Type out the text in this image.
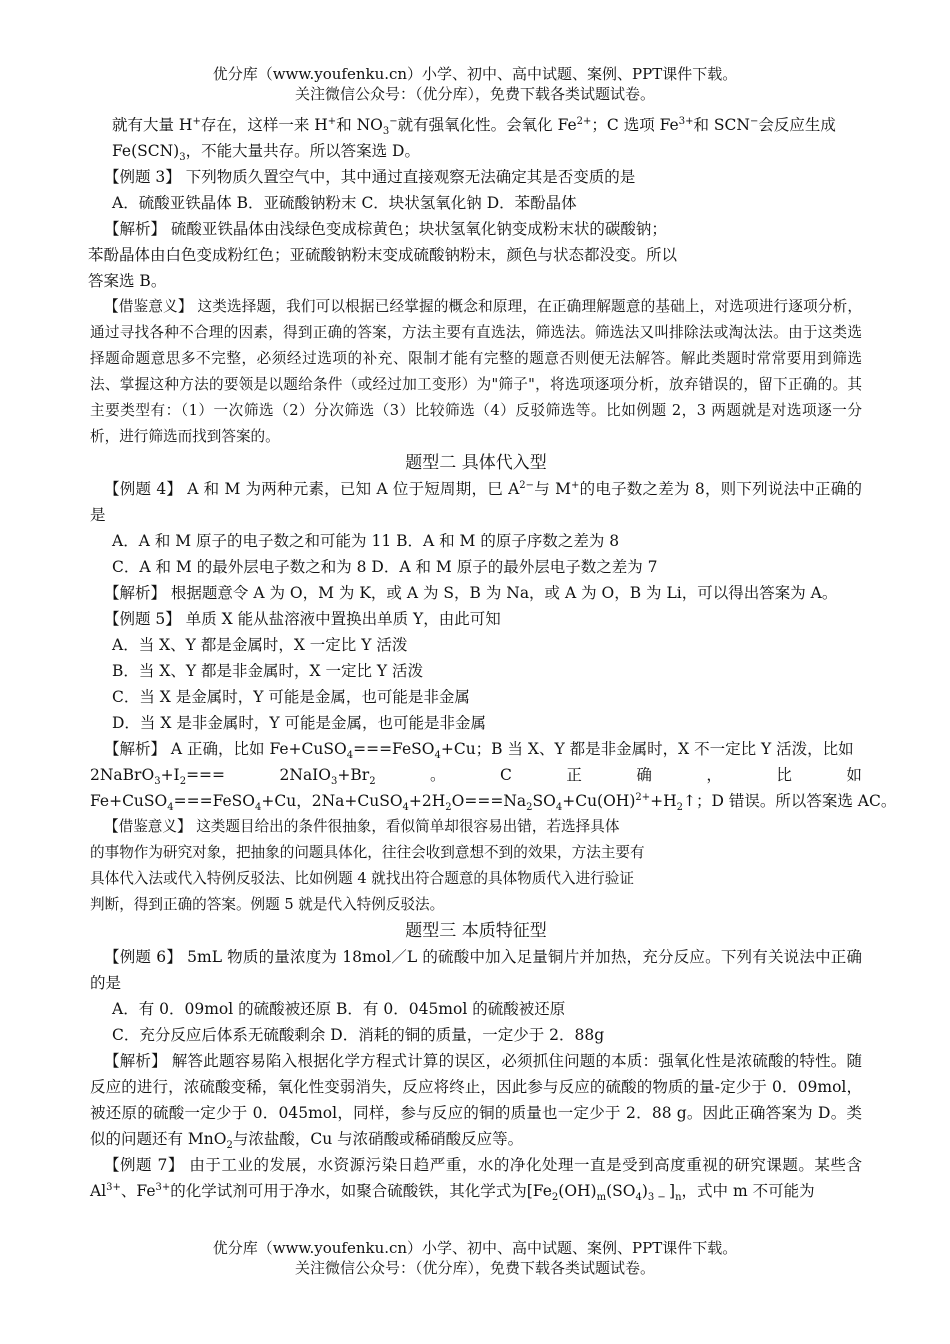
优分库（www.youfenku.cn）小学、初中、高中试题、案例、PPT课件下载。
关注微信公众号：（优分库），免费下载各类试题试卷。
就有大量 H+存在，这样一来 H+和 $NO_3^-$就有强氧化性。会氧化 $Fe^{2+}$；C 选项 $Fe^{3+}$和 SCN−会反应生成
$Fe(SCN)_3$，不能大量共存。所以答案选 D。
【例题 3】 下列物质久置空气中，其中通过直接观察无法确定其是否变质的是
A．硫酸亚铁晶体 B．亚硫酸钠粉末 C．块状氢氧化钠 D．苯酚晶体
【解析】 硫酸亚铁晶体由浅绿色变成棕黄色；块状氢氧化钠变成粉末状的碳酸钠；
苯酚晶体由白色变成粉红色；亚硫酸钠粉末变成硫酸钠粉末，颜色与状态都没变。所以
答案选 B。
【借鉴意义】 这类选择题，我们可以根据已经掌握的概念和原理，在正确理解题意的基础上，对选项进行逐项分析，通过寻找各种不合理的因素，得到正确的答案，方法主要有直选法，筛选法。筛选法又叫排除法或淘汰法。由于这类选择题命题意思多不完整，必须经过选项的补充、限制才能有完整的题意否则便无法解答。解此类题时常常要用到筛选法、掌握这种方法的要领是以题给条件（或经过加工变形）为"筛子"，将选项逐项分析，放弃错误的，留下正确的。其主要类型有：（1）一次筛选（2）分次筛选（3）比较筛选（4）反驳筛选等。比如例题 2，3 两题就是对选项逐一分析，进行筛选而找到答案的。
题型二 具体代入型
【例题 4】 A 和 M 为两种元素，已知 A 位于短周期，巳 $A^{2-}$与 M+的电子数之差为 8，则下列说法中正确的是
A．A 和 M 原子的电子数之和可能为 11 B．A 和 M 的原子序数之差为 8
C．A 和 M 的最外层电子数之和为 8 D．A 和 M 原子的最外层电子数之差为 7
【解析】 根据题意令 A 为 O，M 为 K，或 A 为 S，B 为 Na，或 A 为 O，B 为 Li，可以得出答案为 A。
【例题 5】 单质 X 能从盐溶液中置换出单质 Y，由此可知
A．当 X、Y 都是金属时，X 一定比 Y 活泼
B．当 X、Y 都是非金属时，X 一定比 Y 活泼
C．当 X 是金属时，Y 可能是金属，也可能是非金属
D．当 X 是非金属时，Y 可能是金属，也可能是非金属
【解析】 A 正确，比如 Fe+CuSO$_4$===FeSO$_4$+Cu；B 当 X、Y 都是非金属时，X 不一定比 Y 活泼，比如
$2NaBrO_3+I_2===$	$2NaIO_3+Br_2$	。	C	正	确	，	比	如
Fe+CuSO$_4$===FeSO$_4$+Cu，$2Na+CuSO_4+2H_2O===Na_2SO_4+Cu(OH)^{2+}+H_2↑$；D 错误。所以答案选 AC。
【借鉴意义】 这类题目给出的条件很抽象，看似简单却很容易出错，若选择具体
的事物作为研究对象，把抽象的问题具体化，往往会收到意想不到的效果，方法主要有
具体代入法或代入特例反驳法、比如例题 4 就找出符合题意的具体物质代入进行验证
判断，得到正确的答案。例题 5 就是代入特例反驳法。
题型三 本质特征型
【例题 6】 5mL 物质的量浓度为 18mol／L 的硫酸中加入足量铜片并加热，充分反应。下列有关说法中正确的是
A．有 0．09mol 的硫酸被还原 B．有 0．045mol 的硫酸被还原
C．充分反应后体系无硫酸剩余 D．消耗的铜的质量，一定少于 2．88g
【解析】 解答此题容易陷入根据化学方程式计算的误区，必须抓住问题的本质：强氧化性是浓硫酸的特性。随反应的进行，浓硫酸变稀，氧化性变弱消失，反应将终止，因此参与反应的硫酸的物质的量-定少于 0．09mol，被还原的硫酸一定少于 0．045mol，同样，参与反应的铜的质量也一定少于 2．88 g。因此正确答案为 D。类似的问题还有 MnO$_2$与浓盐酸，Cu 与浓硝酸或稀硝酸反应等。
【例题 7】 由于工业的发展，水资源污染日趋严重，水的净化处理一直是受到高度重视的研究课题。某些含 $Al^{3+}$、$Fe^{3+}$的化学试剂可用于净水，如聚合硫酸铁，其化学式为[$Fe_2(OH)_m(SO_4)_{3 -}$ ]$_n$，式中 m 不可能为
优分库（www.youfenku.cn）小学、初中、高中试题、案例、PPT课件下载。
关注微信公众号：（优分库），免费下载各类试题试卷。
